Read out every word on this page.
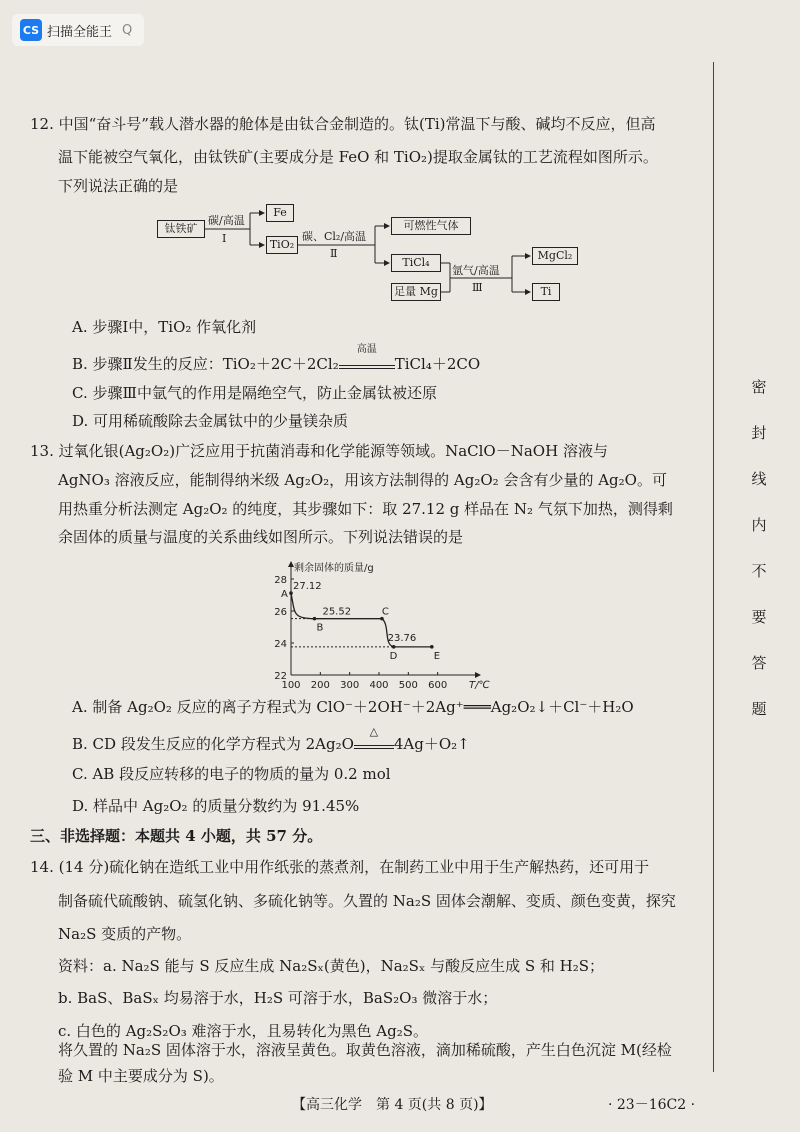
CS 扫描全能王 Q
密
封
线
内
不
要
答
题
12. 中国“奋斗号”载人潜水器的舱体是由钛合金制造的。钛(Ti)常温下与酸、碱均不反应，但高
温下能被空气氧化，由钛铁矿(主要成分是 FeO 和 TiO₂)提取金属钛的工艺流程如图所示。
下列说法正确的是
钛铁矿
碳/高温
Ⅰ
Fe
TiO₂
碳、Cl₂/高温
Ⅱ
可燃性气体
TiCl₄
足量 Mg
氩气/高温
Ⅲ
MgCl₂
Ti
A. 步骤Ⅰ中，TiO₂ 作氧化剂
B. 步骤Ⅱ发生的反应：TiO₂＋2C＋2Cl₂
高温
TiCl₄＋2CO
C. 步骤Ⅲ中氩气的作用是隔绝空气，防止金属钛被还原
D. 可用稀硫酸除去金属钛中的少量镁杂质
13. 过氧化银(Ag₂O₂)广泛应用于抗菌消毒和化学能源等领域。NaClO－NaOH 溶液与
AgNO₃ 溶液反应，能制得纳米级 Ag₂O₂，用该方法制得的 Ag₂O₂ 会含有少量的 Ag₂O。可
用热重分析法测定 Ag₂O₂ 的纯度，其步骤如下：取 27.12 g 样品在 N₂ 气氛下加热，测得剩
余固体的质量与温度的关系曲线如图所示。下列说法错误的是
100 200 300 400 500 600
22
24
26
28
剩余固体的质量/g
T/℃
A
27.12
B
25.52	C
D
23.76
E
A. 制备 Ag₂O₂ 反应的离子方程式为 ClO⁻＋2OH⁻＋2Ag⁺═══Ag₂O₂↓＋Cl⁻＋H₂O
B. CD 段发生反应的化学方程式为 2Ag₂O
△
4Ag＋O₂↑
C. AB 段反应转移的电子的物质的量为 0.2 mol
D. 样品中 Ag₂O₂ 的质量分数约为 91.45%
三、非选择题：本题共 4 小题，共 57 分。
14. (14 分)硫化钠在造纸工业中用作纸张的蒸煮剂，在制药工业中用于生产解热药，还可用于
制备硫代硫酸钠、硫氢化钠、多硫化钠等。久置的 Na₂S 固体会潮解、变质、颜色变黄，探究
Na₂S 变质的产物。
资料：a. Na₂S 能与 S 反应生成 Na₂Sₓ(黄色)，Na₂Sₓ 与酸反应生成 S 和 H₂S；
b. BaS、BaSₓ 均易溶于水，H₂S 可溶于水，BaS₂O₃ 微溶于水；
c. 白色的 Ag₂S₂O₃ 难溶于水，且易转化为黑色 Ag₂S。
将久置的 Na₂S 固体溶于水，溶液呈黄色。取黄色溶液，滴加稀硫酸，产生白色沉淀 M(经检
验 M 中主要成分为 S)。
【高三化学　第 4 页(共 8 页)】	· 23－16C2 ·
